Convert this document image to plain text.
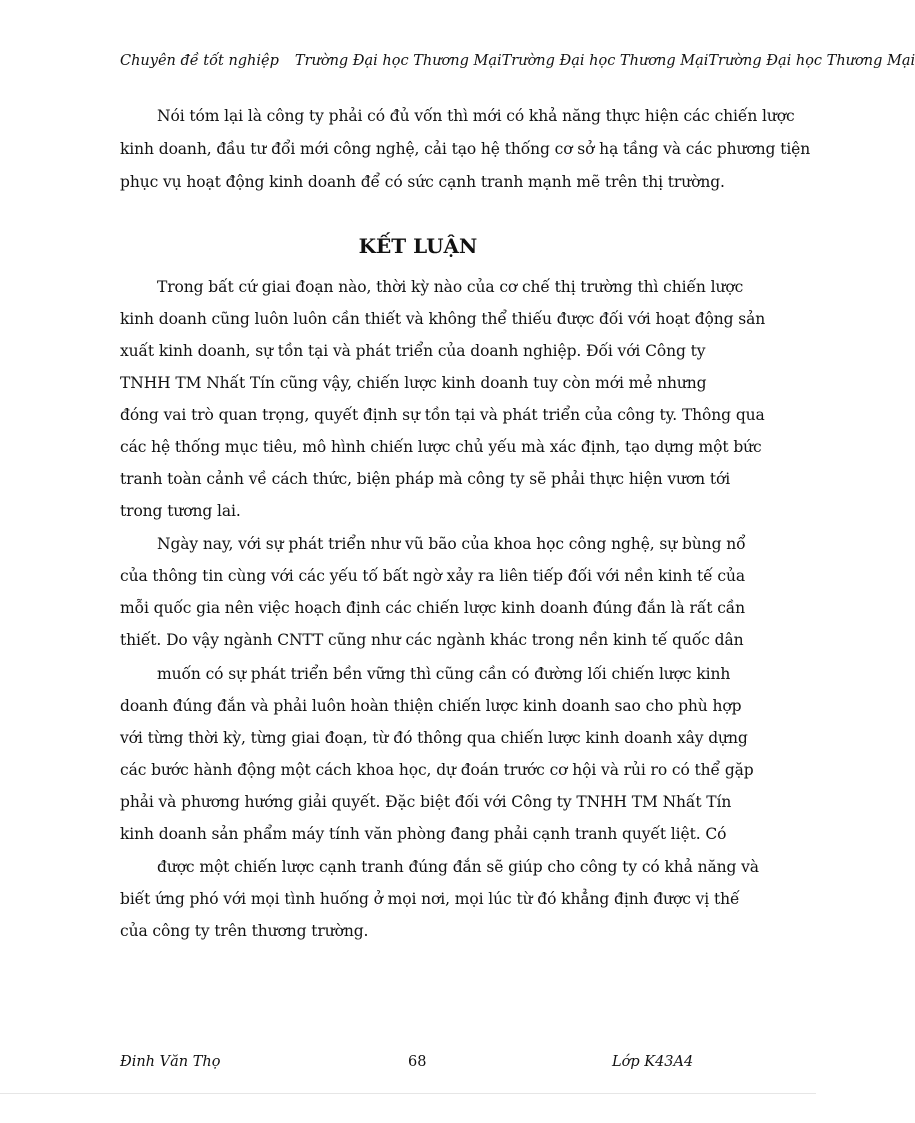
Chuyên đề tốt nghiệp Trường Đại học Thương MạiTrường Đại học Thương MạiTrường Đại học Thương Mại
Nói tóm lại là công ty phải có đủ vốn thì mới có khả năng thực hiện các chiến lược
kinh doanh, đầu tư đổi mới công nghệ, cải tạo hệ thống cơ sở hạ tầng và các phương tiện
phục vụ hoạt động kinh doanh để có sức cạnh tranh mạnh mẽ trên thị trường.
KẾT LUẬN
Trong bất cứ giai đoạn nào, thời kỳ nào của cơ chế thị trường thì chiến lược
kinh doanh cũng luôn luôn cần thiết và không thể thiếu được đối với hoạt động sản
xuất kinh doanh, sự tồn tại và phát triển của doanh nghiệp. Đối với Công ty
TNHH TM Nhất Tín cũng vậy, chiến lược kinh doanh tuy còn mới mẻ nhưng
đóng vai trò quan trọng, quyết định sự tồn tại và phát triển của công ty. Thông qua
các hệ thống mục tiêu, mô hình chiến lược chủ yếu mà xác định, tạo dựng một bức
tranh toàn cảnh về cách thức, biện pháp mà công ty sẽ phải thực hiện vươn tới
trong tương lai.
Ngày nay, với sự phát triển như vũ bão của khoa học công nghệ, sự bùng nổ
của thông tin cùng với các yếu tố bất ngờ xảy ra liên tiếp đối với nền kinh tế của
mỗi quốc gia nên việc hoạch định các chiến lược kinh doanh đúng đắn là rất cần
thiết. Do vậy ngành CNTT cũng như các ngành khác trong nền kinh tế quốc dân
muốn có sự phát triển bền vững thì cũng cần có đường lối chiến lược kinh
doanh đúng đắn và phải luôn hoàn thiện chiến lược kinh doanh sao cho phù hợp
với từng thời kỳ, từng giai đoạn, từ đó thông qua chiến lược kinh doanh xây dựng
các bước hành động một cách khoa học, dự đoán trước cơ hội và rủi ro có thể gặp
phải và phương hướng giải quyết. Đặc biệt đối với Công ty TNHH TM Nhất Tín
kinh doanh sản phẩm máy tính văn phòng đang phải cạnh tranh quyết liệt. Có
được một chiến lược cạnh tranh đúng đắn sẽ giúp cho công ty có khả năng và
biết ứng phó với mọi tình huống ở mọi nơi, mọi lúc từ đó khẳng định được vị thế
của công ty trên thương trường.
Đinh Văn Thọ	68	Lớp K43A4
